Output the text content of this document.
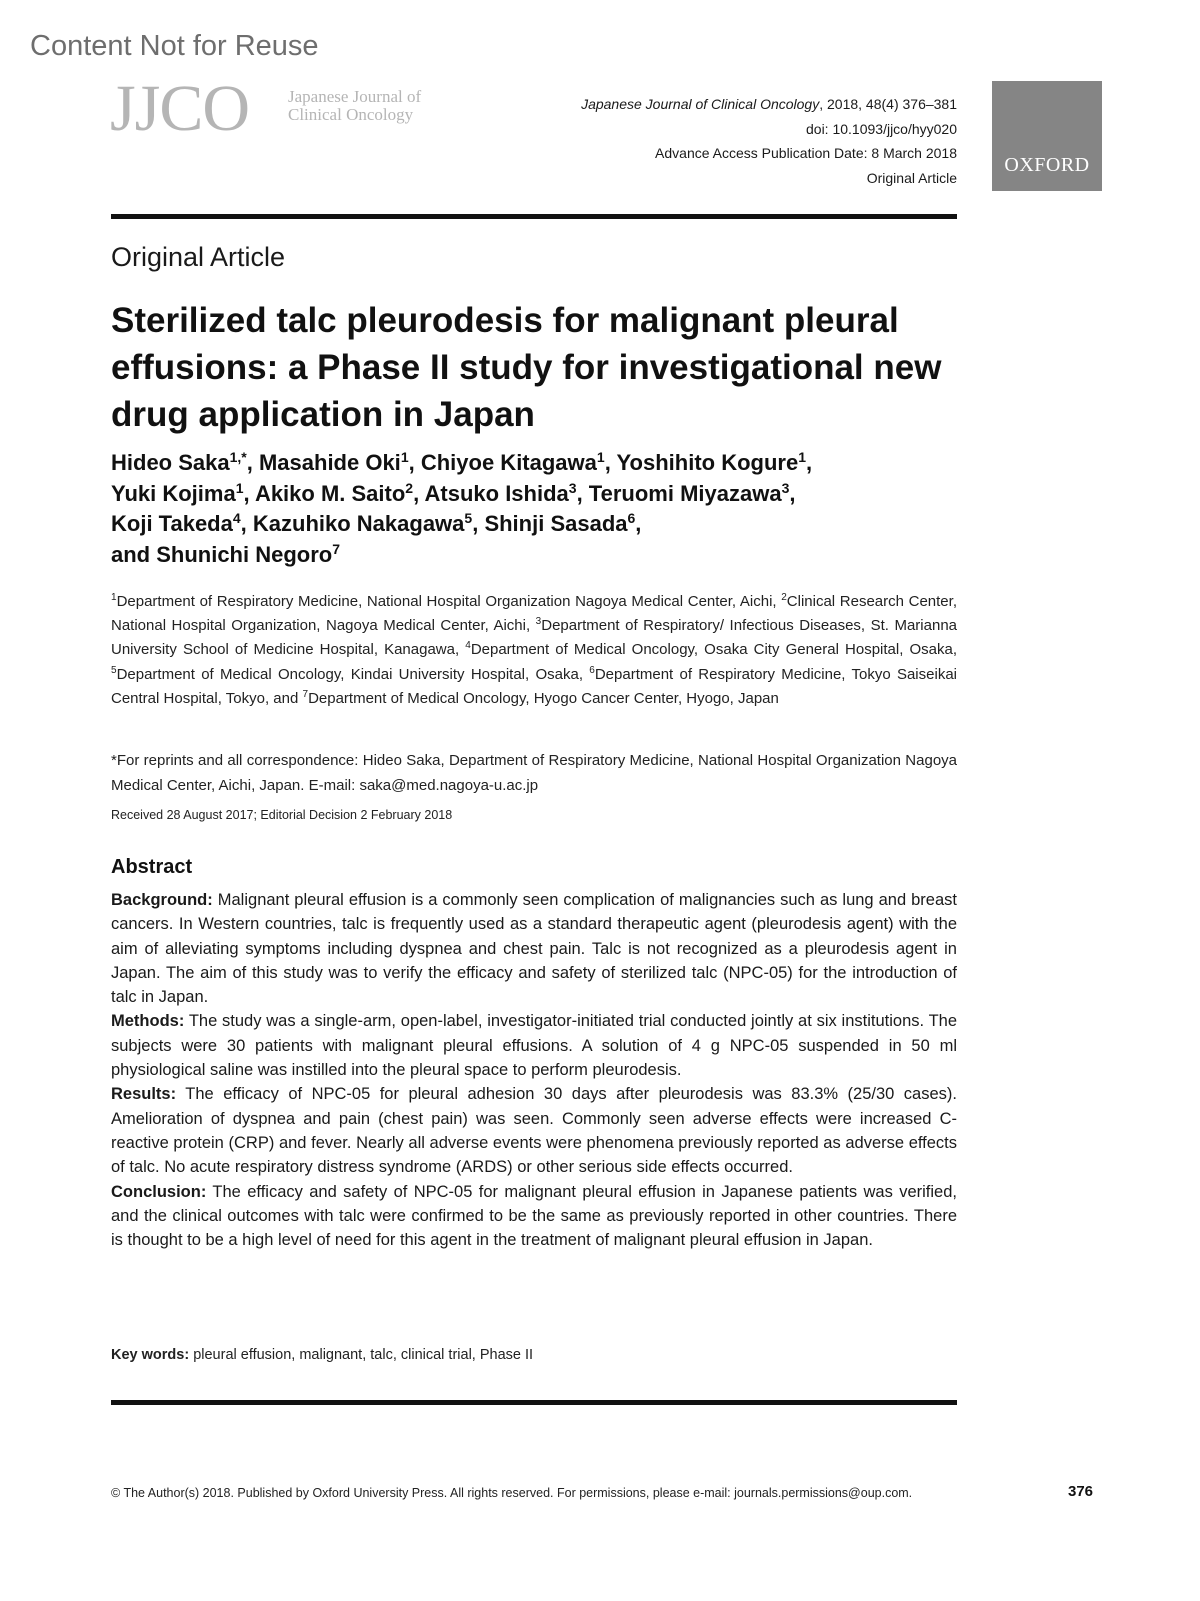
Content Not for Reuse
JJCO Japanese Journal of
Clinical Oncology
Japanese Journal of Clinical Oncology, 2018, 48(4) 376–381
doi: 10.1093/jjco/hyy020
Advance Access Publication Date: 8 March 2018
Original Article
OXFORD
Original Article
Sterilized talc pleurodesis for malignant pleural effusions: a Phase II study for investigational new drug application in Japan
Hideo Saka$^{1,*}$, Masahide Oki$^1$, Chiyoe Kitagawa$^1$, Yoshihito Kogure$^1$,
Yuki Kojima$^1$, Akiko M. Saito$^2$, Atsuko Ishida$^3$, Teruomi Miyazawa$^3$,
Koji Takeda$^4$, Kazuhiko Nakagawa$^5$, Shinji Sasada$^6$,
and Shunichi Negoro$^7$
$^1$Department of Respiratory Medicine, National Hospital Organization Nagoya Medical Center, Aichi, $^2$Clinical Research Center, National Hospital Organization, Nagoya Medical Center, Aichi, $^3$Department of Respiratory/ Infectious Diseases, St. Marianna University School of Medicine Hospital, Kanagawa, $^4$Department of Medical Oncology, Osaka City General Hospital, Osaka, $^5$Department of Medical Oncology, Kindai University Hospital, Osaka, $^6$Department of Respiratory Medicine, Tokyo Saiseikai Central Hospital, Tokyo, and $^7$Department of Medical Oncology, Hyogo Cancer Center, Hyogo, Japan
*For reprints and all correspondence: Hideo Saka, Department of Respiratory Medicine, National Hospital Organization Nagoya Medical Center, Aichi, Japan. E-mail: saka@med.nagoya-u.ac.jp
Received 28 August 2017; Editorial Decision 2 February 2018
Abstract

Background: Malignant pleural effusion is a commonly seen complication of malignancies such as lung and breast cancers. In Western countries, talc is frequently used as a standard therapeutic agent (pleurodesis agent) with the aim of alleviating symptoms including dyspnea and chest pain. Talc is not recognized as a pleurodesis agent in Japan. The aim of this study was to verify the efficacy and safety of sterilized talc (NPC-05) for the introduction of talc in Japan.

Methods: The study was a single-arm, open-label, investigator-initiated trial conducted jointly at six institutions. The subjects were 30 patients with malignant pleural effusions. A solution of 4 g NPC-05 suspended in 50 ml physiological saline was instilled into the pleural space to perform pleurodesis.

Results: The efficacy of NPC-05 for pleural adhesion 30 days after pleurodesis was 83.3% (25/30 cases). Amelioration of dyspnea and pain (chest pain) was seen. Commonly seen adverse effects were increased C-reactive protein (CRP) and fever. Nearly all adverse events were phenomena previously reported as adverse effects of talc. No acute respiratory distress syndrome (ARDS) or other serious side effects occurred.

Conclusion: The efficacy and safety of NPC-05 for malignant pleural effusion in Japanese patients was verified, and the clinical outcomes with talc were confirmed to be the same as previously reported in other countries. There is thought to be a high level of need for this agent in the treatment of malignant pleural effusion in Japan.

Key words: pleural effusion, malignant, talc, clinical trial, Phase II
© The Author(s) 2018. Published by Oxford University Press. All rights reserved. For permissions, please e-mail: journals.permissions@oup.com.	376
